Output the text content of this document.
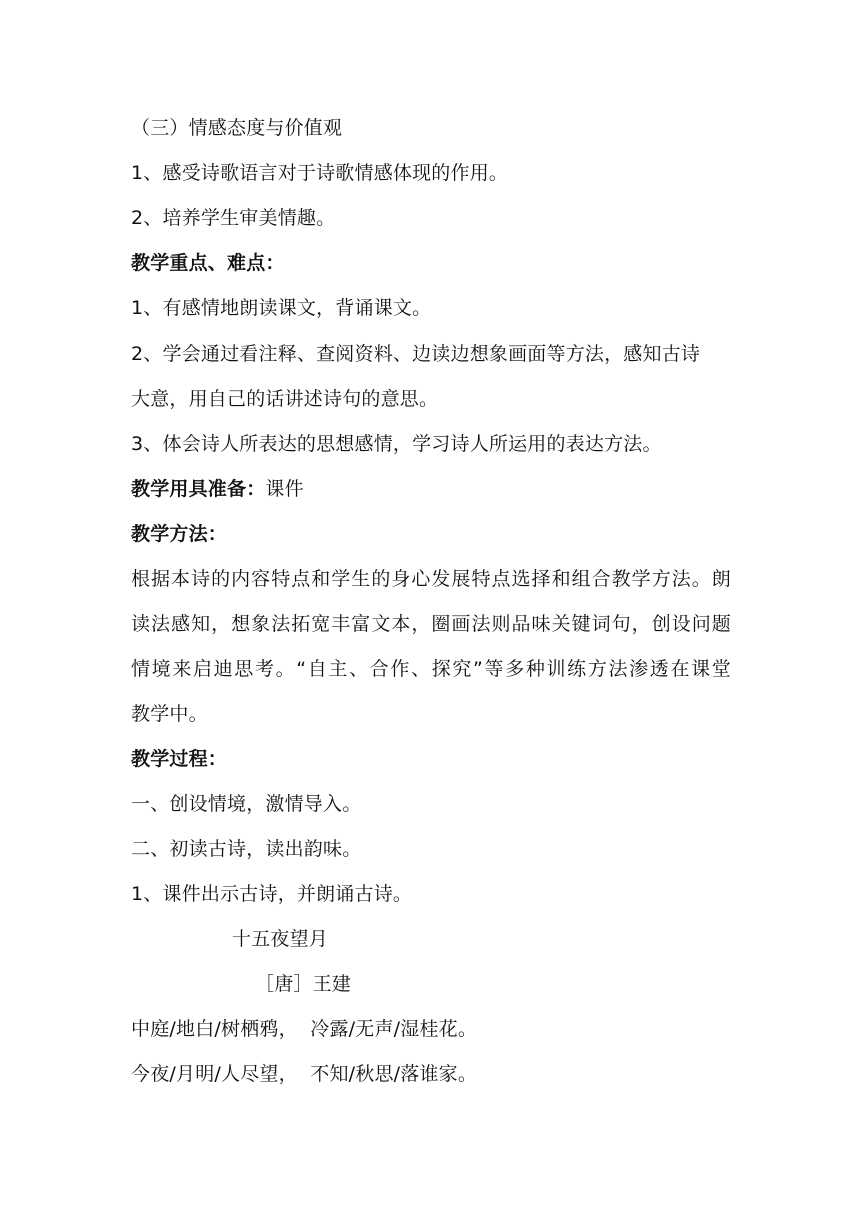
（三）情感态度与价值观
1、感受诗歌语言对于诗歌情感体现的作用。
2、培养学生审美情趣。
教学重点、难点：
1、有感情地朗读课文，背诵课文。
2、学会通过看注释、查阅资料、边读边想象画面等方法，感知古诗
大意，用自己的话讲述诗句的意思。
3、体会诗人所表达的思想感情，学习诗人所运用的表达方法。
教学用具准备：课件
教学方法：
根据本诗的内容特点和学生的身心发展特点选择和组合教学方法。朗
读法感知，想象法拓宽丰富文本，圈画法则品味关键词句，创设问题
情境来启迪思考。“自主、合作、探究”等多种训练方法渗透在课堂
教学中。
教学过程：
一、创设情境，激情导入。
二、初读古诗，读出韵味。
1、课件出示古诗，并朗诵古诗。
十五夜望月
［唐］王建
中庭/地白/树栖鸦，  冷露/无声/湿桂花。
今夜/月明/人尽望，  不知/秋思/落谁家。
